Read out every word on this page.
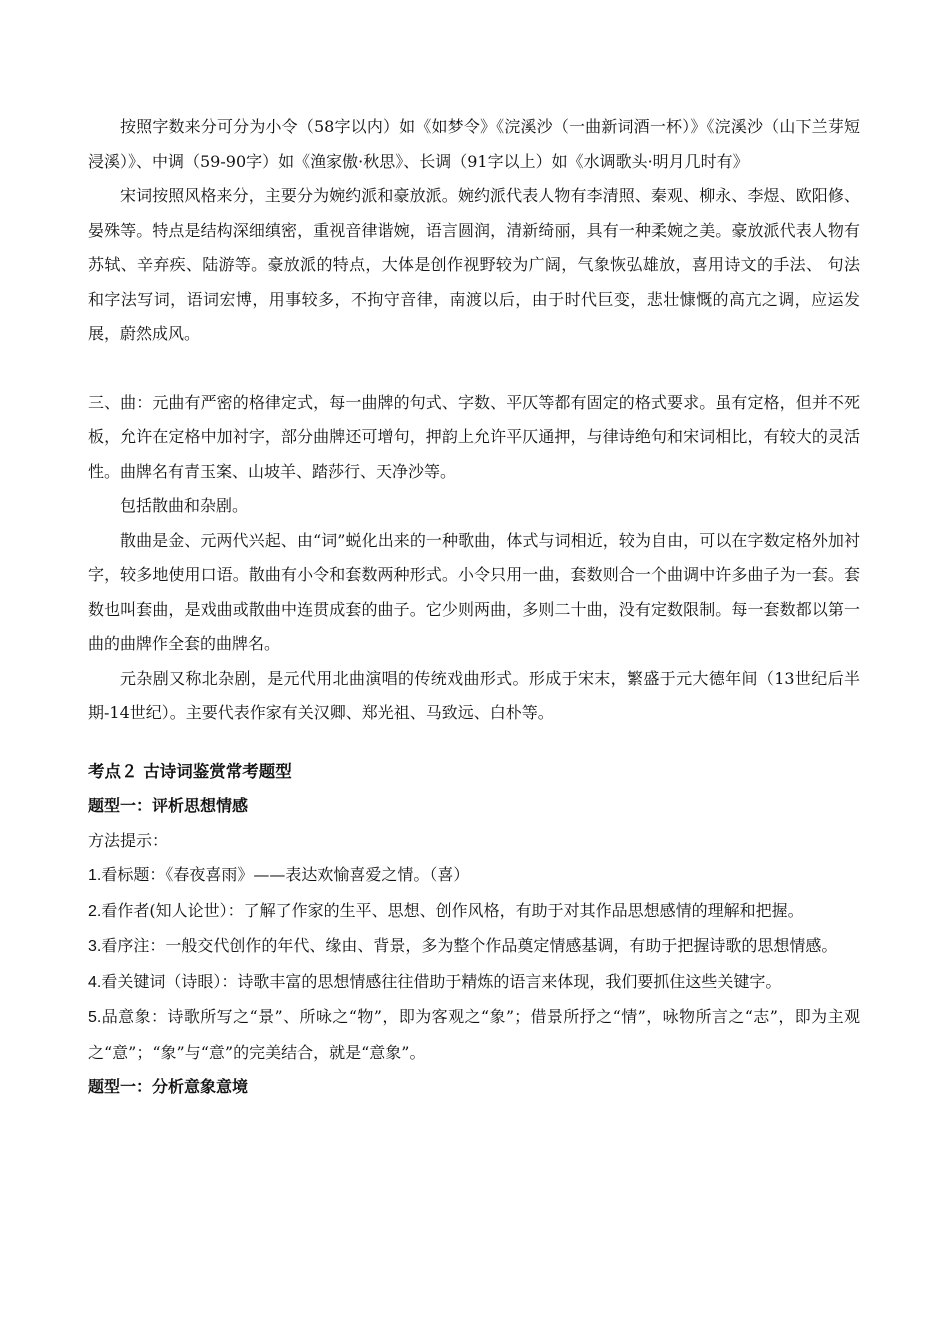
按照字数来分可分为小令（58字以内）如《如梦令》《浣溪沙（一曲新词酒一杯）》《浣溪沙（山下兰芽短浸溪）》、中调（59-90字）如《渔家傲·秋思》、长调（91字以上）如《水调歌头·明月几时有》

宋词按照风格来分，主要分为婉约派和豪放派。婉约派代表人物有李清照、秦观、柳永、李煜、欧阳修、晏殊等。特点是结构深细缜密，重视音律谐婉，语言圆润，清新绮丽，具有一种柔婉之美。豪放派代表人物有苏轼、辛弃疾、陆游等。豪放派的特点，大体是创作视野较为广阔，气象恢弘雄放，喜用诗文的手法、 句法和字法写词，语词宏博，用事较多，不拘守音律，南渡以后，由于时代巨变，悲壮慷慨的高亢之调，应运发展，蔚然成风。

三、曲：元曲有严密的格律定式，每一曲牌的句式、字数、平仄等都有固定的格式要求。虽有定格，但并不死板，允许在定格中加衬字，部分曲牌还可增句，押韵上允许平仄通押，与律诗绝句和宋词相比，有较大的灵活性。曲牌名有青玉案、山坡羊、踏莎行、天净沙等。

包括散曲和杂剧。

散曲是金、元两代兴起、由“词”蜕化出来的一种歌曲，体式与词相近，较为自由，可以在字数定格外加衬字，较多地使用口语。散曲有小令和套数两种形式。小令只用一曲，套数则合一个曲调中许多曲子为一套。套数也叫套曲，是戏曲或散曲中连贯成套的曲子。它少则两曲，多则二十曲，没有定数限制。每一套数都以第一曲的曲牌作全套的曲牌名。

元杂剧又称北杂剧，是元代用北曲演唱的传统戏曲形式。形成于宋末，繁盛于元大德年间（13世纪后半期-14世纪）。主要代表作家有关汉卿、郑光祖、马致远、白朴等。

考点２ 古诗词鉴赏常考题型

题型一：评析思想情感

方法提示：

1.看标题：《春夜喜雨》——表达欢愉喜爱之情。（喜）

2.看作者(知人论世）：了解了作家的生平、思想、创作风格，有助于对其作品思想感情的理解和把握。

3.看序注：一般交代创作的年代、缘由、背景，多为整个作品奠定情感基调，有助于把握诗歌的思想情感。

4.看关键词（诗眼）：诗歌丰富的思想情感往往借助于精炼的语言来体现，我们要抓住这些关键字。

5.品意象：诗歌所写之“景”、所咏之“物”，即为客观之“象”；借景所抒之“情”，咏物所言之“志”，即为主观之“意”；“象”与“意”的完美结合，就是“意象”。

题型一：分析意象意境
